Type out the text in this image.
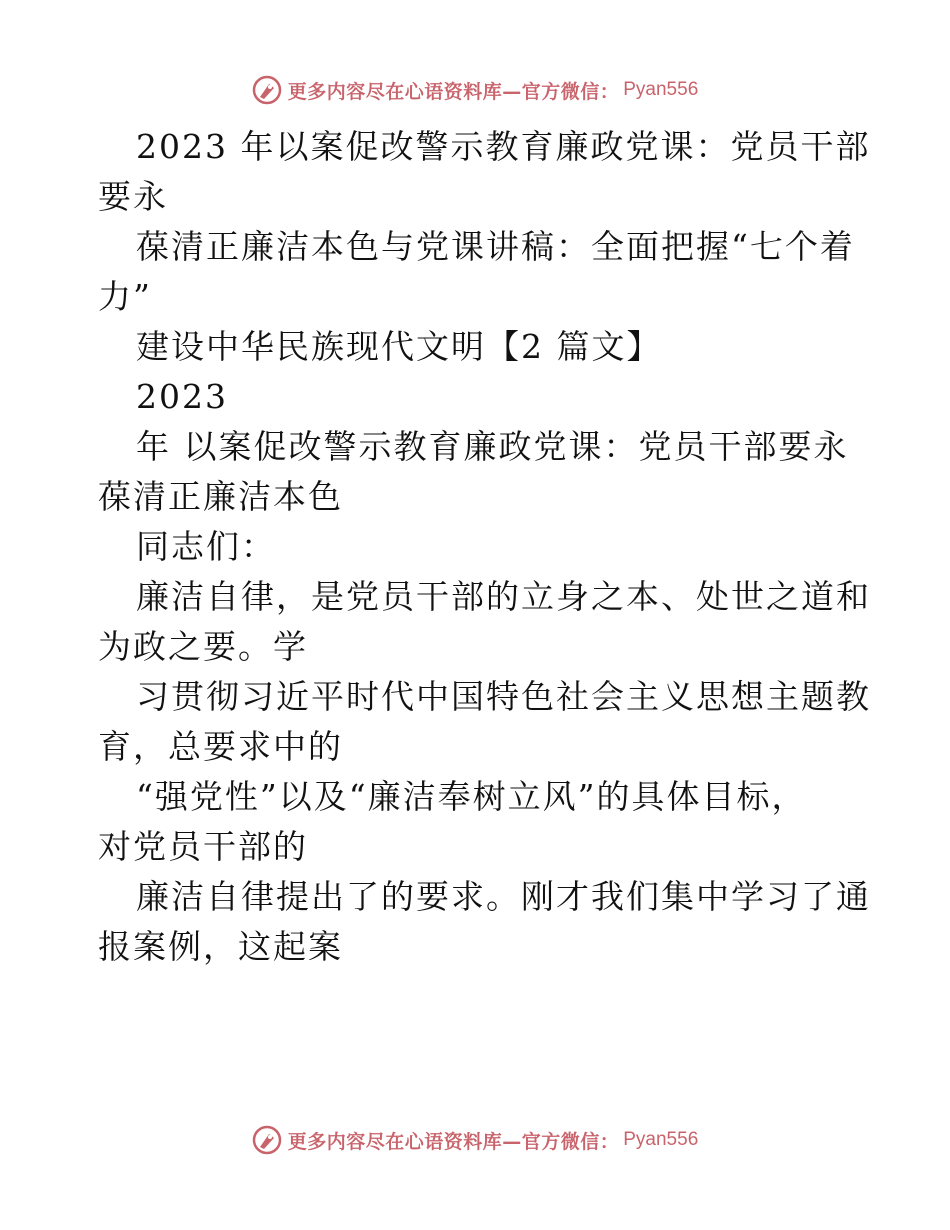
更多内容尽在心语资料库—官方微信： Pyan556
2023 年以案促改警示教育廉政党课：党员干部
要永
葆清正廉洁本色与党课讲稿：全面把握“七个着
力”
建设中华民族现代文明【2 篇文】
2023
年 以案促改警示教育廉政党课：党员干部要永
葆清正廉洁本色
同志们：
廉洁自律，是党员干部的立身之本、处世之道和
为政之要。学
习贯彻习近平时代中国特色社会主义思想主题教
育，总要求中的
“强党性”以及“廉洁奉树立风”的具体目标，
对党员干部的
廉洁自律提出了的要求。刚才我们集中学习了通
报案例，这起案
更多内容尽在心语资料库—官方微信： Pyan556
